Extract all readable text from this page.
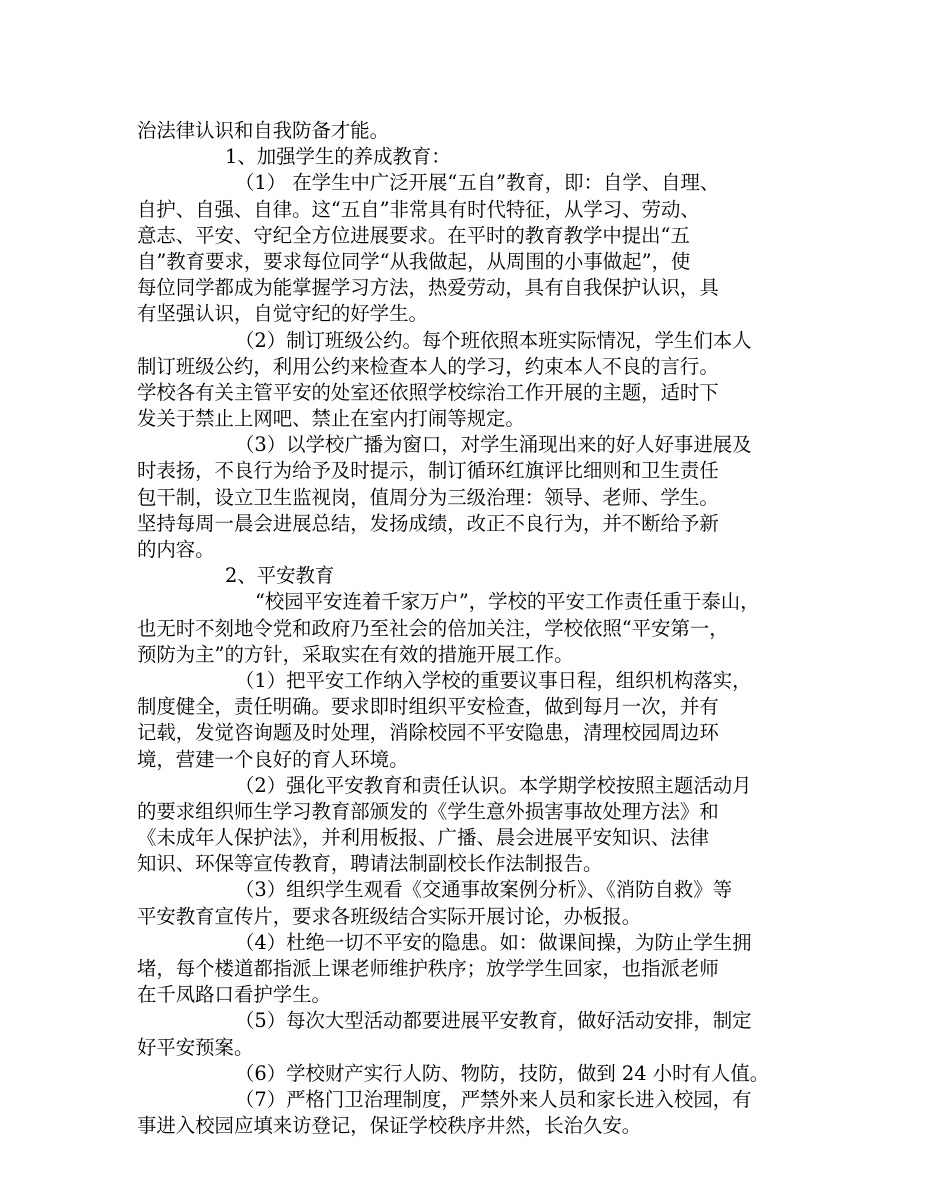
治法律认识和自我防备才能。
1、加强学生的养成教育：
（1） 在学生中广泛开展“五自”教育，即：自学、自理、
自护、自强、自律。这“五自”非常具有时代特征，从学习、劳动、
意志、平安、守纪全方位进展要求。在平时的教育教学中提出“五
自”教育要求，要求每位同学“从我做起，从周围的小事做起”，使
每位同学都成为能掌握学习方法，热爱劳动，具有自我保护认识，具
有坚强认识，自觉守纪的好学生。
（2）制订班级公约。每个班依照本班实际情况，学生们本人
制订班级公约，利用公约来检查本人的学习，约束本人不良的言行。
学校各有关主管平安的处室还依照学校综治工作开展的主题，适时下
发关于禁止上网吧、禁止在室内打闹等规定。
（3）以学校广播为窗口，对学生涌现出来的好人好事进展及
时表扬，不良行为给予及时提示，制订循环红旗评比细则和卫生责任
包干制，设立卫生监视岗，值周分为三级治理：领导、老师、学生。
坚持每周一晨会进展总结，发扬成绩，改正不良行为，并不断给予新
的内容。
2、平安教育
“校园平安连着千家万户”，学校的平安工作责任重于泰山，
也无时不刻地令党和政府乃至社会的倍加关注，学校依照“平安第一，
预防为主”的方针，采取实在有效的措施开展工作。
（1）把平安工作纳入学校的重要议事日程，组织机构落实，
制度健全，责任明确。要求即时组织平安检查，做到每月一次，并有
记载，发觉咨询题及时处理，消除校园不平安隐患，清理校园周边环
境，营建一个良好的育人环境。
（2）强化平安教育和责任认识。本学期学校按照主题活动月
的要求组织师生学习教育部颁发的《学生意外损害事故处理方法》和
《未成年人保护法》，并利用板报、广播、晨会进展平安知识、法律
知识、环保等宣传教育，聘请法制副校长作法制报告。
（3）组织学生观看《交通事故案例分析》、《消防自救》等
平安教育宣传片，要求各班级结合实际开展讨论，办板报。
（4）杜绝一切不平安的隐患。如：做课间操，为防止学生拥
堵，每个楼道都指派上课老师维护秩序；放学学生回家，也指派老师
在千凤路口看护学生。
（5）每次大型活动都要进展平安教育，做好活动安排，制定
好平安预案。
（6）学校财产实行人防、物防，技防，做到 24 小时有人值。
（7）严格门卫治理制度，严禁外来人员和家长进入校园，有
事进入校园应填来访登记，保证学校秩序井然，长治久安。
